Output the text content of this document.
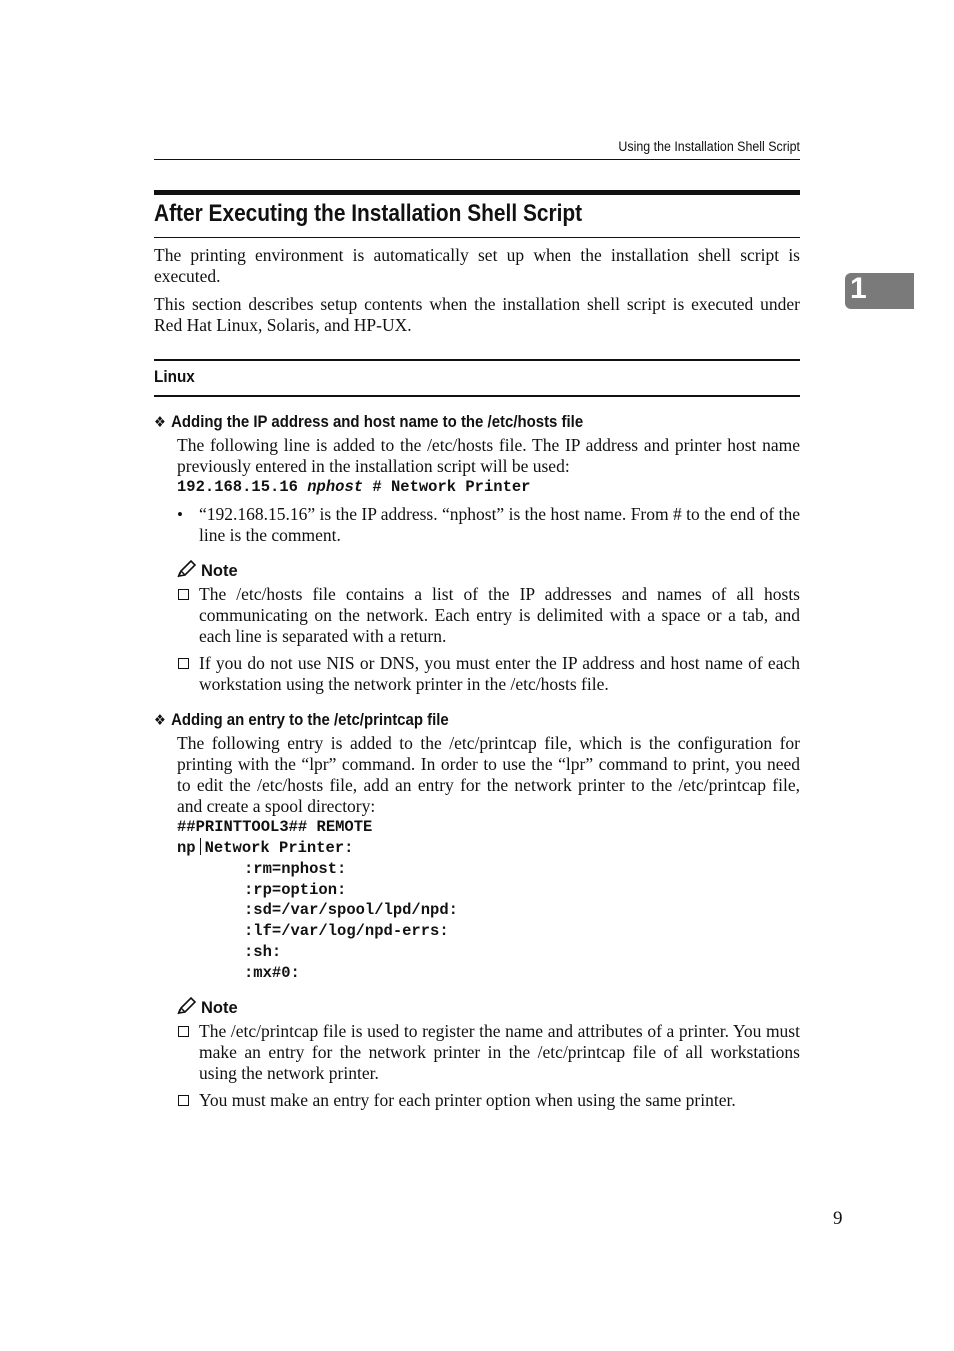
Using the Installation Shell Script
After Executing the Installation Shell Script

The printing environment is automatically set up when the installation shell script is executed.

This section describes setup contents when the installation shell script is executed under Red Hat Linux, Solaris, and HP-UX.

1
Linux
❖ Adding the IP address and host name to the /etc/hosts file

The following line is added to the /etc/hosts file. The IP address and printer host name previously entered in the installation script will be used:

192.168.15.16 nphost # Network Printer
• “192.168.15.16” is the IP address. “nphost” is the host name. From # to the end of the line is the comment.
Note
The /etc/hosts file contains a list of the IP addresses and names of all hosts communicating on the network. Each entry is delimited with a space or a tab, and each line is separated with a return.
If you do not use NIS or DNS, you must enter the IP address and host name of each workstation using the network printer in the /etc/hosts file.
❖ Adding an entry to the /etc/printcap file

The following entry is added to the /etc/printcap file, which is the configuration for printing with the “lpr” command. In order to use the “lpr” command to print, you need to edit the /etc/hosts file, add an entry for the network printer to the /etc/printcap file, and create a spool directory:

##PRINTTOOL3## REMOTE
np Network Printer:
:rm=nphost:
:rp=option:
:sd=/var/spool/lpd/npd:
:lf=/var/log/npd-errs:
:sh:
:mx#0:
Note
The /etc/printcap file is used to register the name and attributes of a printer. You must make an entry for the network printer in the /etc/printcap file of all workstations using the network printer.
You must make an entry for each printer option when using the same printer.
9
